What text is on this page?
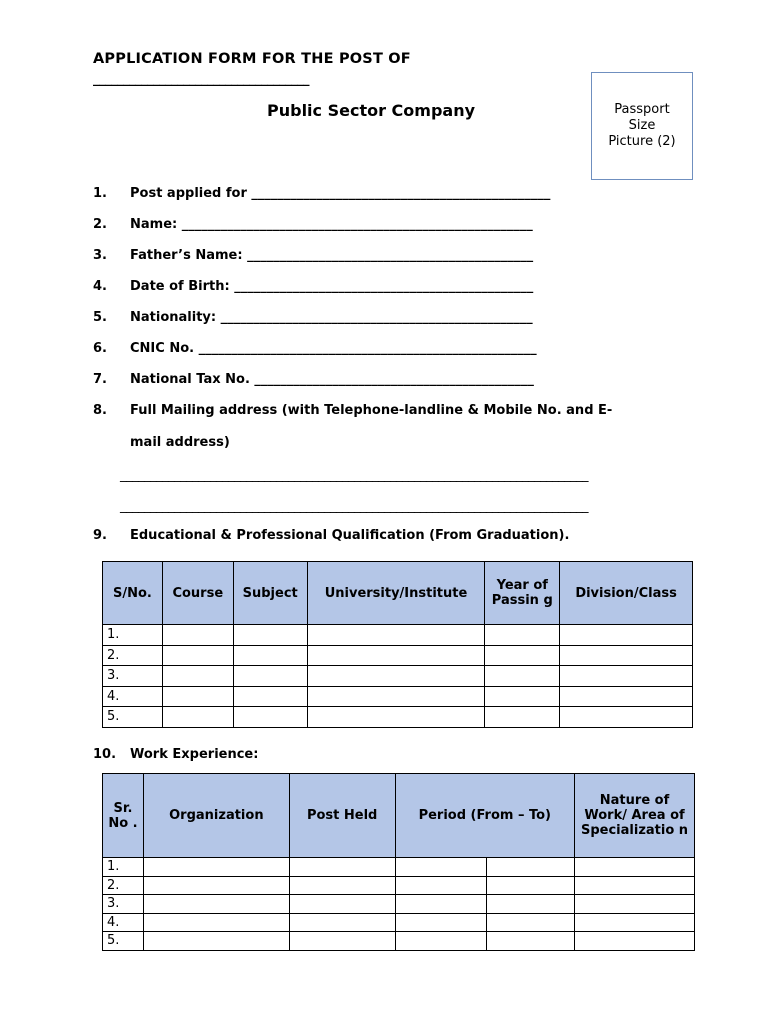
APPLICATION FORM FOR THE POST OF
____________________________________
Public Sector Company	Passport
Size
Picture (2)
1. Post applied for ______________________________________________
2. Name: ______________________________________________________
3. Father’s Name: ____________________________________________
4. Date of Birth: ______________________________________________
5. Nationality: ________________________________________________
6. CNIC No. ____________________________________________________
7. National Tax No. ___________________________________________
8. Full Mailing address (with Telephone-landline & Mobile No. and E-
mail address)
______________________________________________________________________________
______________________________________________________________________________
9. Educational & Professional Qualification (From Graduation).
S/No.	Course	Subject	University/Institute	Year of Passin g	Division/Class
1.					
2.					
3.					
4.					
5.					
10. Work Experience:
Sr. No .	Organization	Post Held	Period (From – To)		Nature of Work/ Area of Specializatio n
1.					
2.					
3.					
4.					
5.					
